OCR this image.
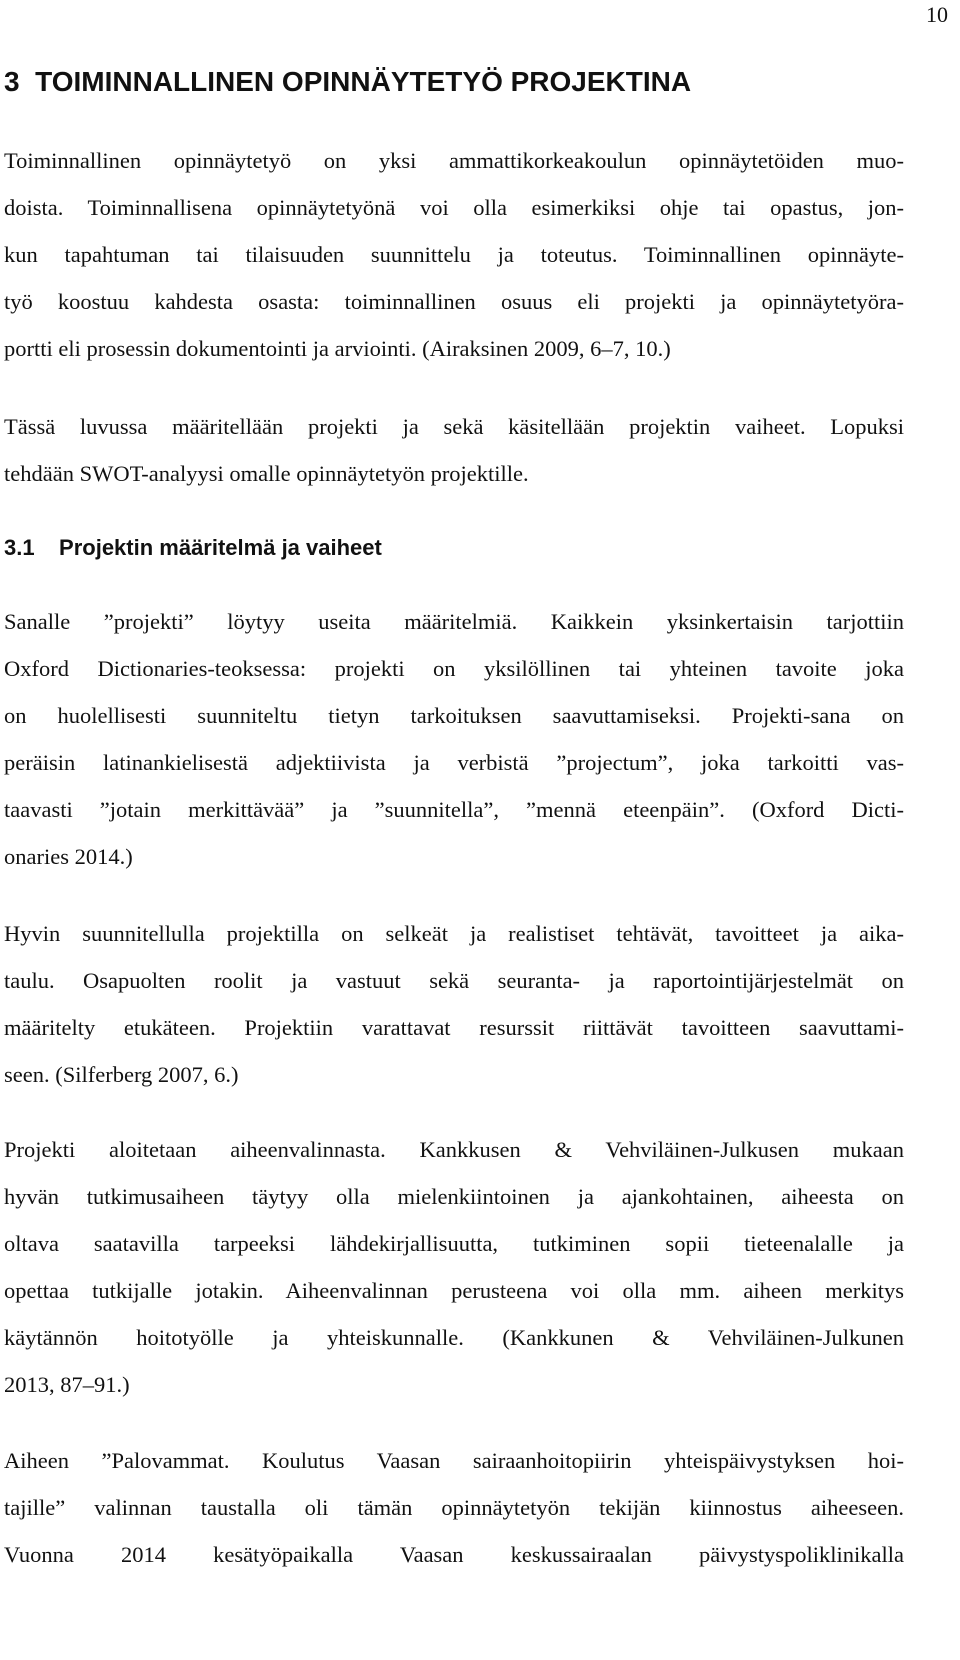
10
3  TOIMINNALLINEN OPINNÄYTETYÖ PROJEKTINA
Toiminnallinen opinnäytetyö on yksi ammattikorkeakoulun opinnäytetöiden muo-
doista. Toiminnallisena opinnäytetyönä voi olla esimerkiksi ohje tai opastus, jon-
kun tapahtuman tai tilaisuuden suunnittelu ja toteutus. Toiminnallinen opinnäyte-
työ koostuu kahdesta osasta: toiminnallinen osuus eli projekti ja opinnäytetyöra-
portti eli prosessin dokumentointi ja arviointi. (Airaksinen 2009, 6–7, 10.)
Tässä luvussa määritellään projekti ja sekä käsitellään projektin vaiheet. Lopuksi
tehdään SWOT-analyysi omalle opinnäytetyön projektille.
3.1    Projektin määritelmä ja vaiheet
Sanalle ”projekti” löytyy useita määritelmiä. Kaikkein yksinkertaisin tarjottiin
Oxford Dictionaries-teoksessa: projekti on yksilöllinen tai yhteinen tavoite joka
on huolellisesti suunniteltu tietyn tarkoituksen saavuttamiseksi. Projekti-sana on
peräisin latinankielisestä adjektiivista ja verbistä ”projectum”, joka tarkoitti vas-
taavasti ”jotain merkittävää” ja ”suunnitella”, ”mennä eteenpäin”. (Oxford Dicti-
onaries 2014.)
Hyvin suunnitellulla projektilla on selkeät ja realistiset tehtävät, tavoitteet ja aika-
taulu. Osapuolten roolit ja vastuut sekä seuranta- ja raportointijärjestelmät on
määritelty etukäteen. Projektiin varattavat resurssit riittävät tavoitteen saavuttami-
seen. (Silferberg 2007, 6.)
Projekti aloitetaan aiheenvalinnasta. Kankkusen & Vehviläinen-Julkusen mukaan
hyvän tutkimusaiheen täytyy olla mielenkiintoinen ja ajankohtainen, aiheesta on
oltava saatavilla tarpeeksi lähdekirjallisuutta, tutkiminen sopii tieteenalalle ja
opettaa tutkijalle jotakin. Aiheenvalinnan perusteena voi olla mm. aiheen merkitys
käytännön hoitotyölle ja yhteiskunnalle. (Kankkunen & Vehviläinen-Julkunen
2013, 87–91.)
Aiheen ”Palovammat. Koulutus Vaasan sairaanhoitopiirin yhteispäivystyksen hoi-
tajille” valinnan taustalla oli tämän opinnäytetyön tekijän kiinnostus aiheeseen.
Vuonna 2014 kesätyöpaikalla Vaasan keskussairaalan päivystyspoliklinikalla
